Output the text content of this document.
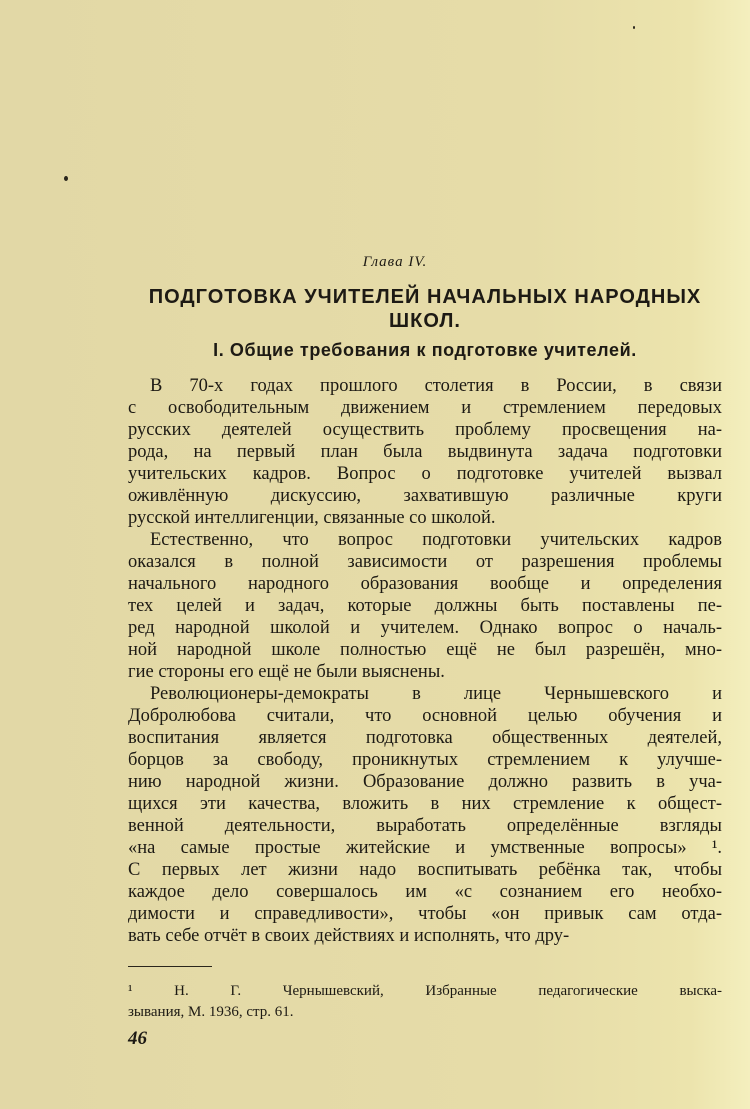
Глава IV.
ПОДГОТОВКА УЧИТЕЛЕЙ НАЧАЛЬНЫХ НАРОДНЫХ
ШКОЛ.
I. Общие требования к подготовке учителей.
В 70-х годах прошлого столетия в России, в связи
с освободительным движением и стремлением передовых
русских деятелей осуществить проблему просвещения на-
рода, на первый план была выдвинута задача подготовки
учительских кадров. Вопрос о подготовке учителей вызвал
оживлённую дискуссию, захватившую различные круги
русской интеллигенции, связанные со школой.
Естественно, что вопрос подготовки учительских кадров
оказался в полной зависимости от разрешения проблемы
начального народного образования вообще и определения
тех целей и задач, которые должны быть поставлены пе-
ред народной школой и учителем. Однако вопрос о началь-
ной народной школе полностью ещё не был разрешён, мно-
гие стороны его ещё не были выяснены.
Революционеры-демократы в лице Чернышевского и
Добролюбова считали, что основной целью обучения и
воспитания является подготовка общественных деятелей,
борцов за свободу, проникнутых стремлением к улучше-
нию народной жизни. Образование должно развить в уча-
щихся эти качества, вложить в них стремление к общест-
венной деятельности, выработать определённые взгляды
«на самые простые житейские и умственные вопросы» ¹.
С первых лет жизни надо воспитывать ребёнка так, чтобы
каждое дело совершалось им «с сознанием его необхо-
димости и справедливости», чтобы «он привык сам отда-
вать себе отчёт в своих действиях и исполнять, что дру-
¹ Н. Г. Чернышевский, Избранные педагогические выска-
зывания, М. 1936, стр. 61.
46
